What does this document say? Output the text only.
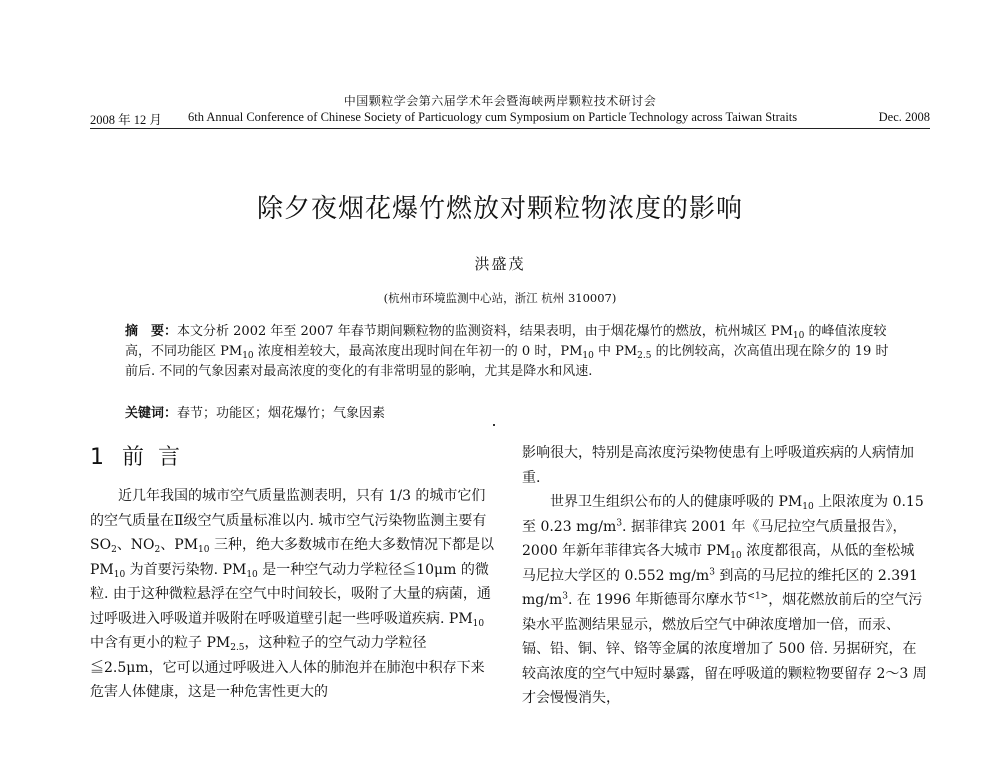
中国颗粒学会第六届学术年会暨海峡两岸颗粒技术研讨会
2008 年 12 月 6th Annual Conference of Chinese Society of Particuology cum Symposium on Particle Technology across Taiwan Straits	Dec. 2008
除夕夜烟花爆竹燃放对颗粒物浓度的影响
洪盛茂
(杭州市环境监测中心站，浙江 杭州 310007)
摘　要：本文分析 2002 年至 2007 年春节期间颗粒物的监测资料，结果表明，由于烟花爆竹的燃放，杭州城区 $PM_{10}$ 的峰值浓度较高，不同功能区 $PM_{10}$ 浓度相差较大，最高浓度出现时间在年初一的 0 时，$PM_{10}$ 中 $PM_{2.5}$ 的比例较高，次高值出现在除夕的 19 时前后. 不同的气象因素对最高浓度的变化的有非常明显的影响，尤其是降水和风速.
关键词：春节；功能区；烟花爆竹；气象因素
1 前言

近几年我国的城市空气质量监测表明，只有 1/3 的城市它们的空气质量在Ⅱ级空气质量标准以内. 城市空气污染物监测主要有 $SO_2$、$NO_2$、$PM_{10}$ 三种，绝大多数城市在绝大多数情况下都是以 $PM_{10}$ 为首要污染物. $PM_{10}$ 是一种空气动力学粒径≦10μm 的微粒. 由于这种微粒悬浮在空气中时间较长，吸附了大量的病菌，通过呼吸进入呼吸道并吸附在呼吸道壁引起一些呼吸道疾病. $PM_{10}$ 中含有更小的粒子 $PM_{2.5}$，这种粒子的空气动力学粒径≦2.5μm，它可以通过呼吸进入人体的肺泡并在肺泡中积存下来危害人体健康，这是一种危害性更大的

影响很大，特别是高浓度污染物使患有上呼吸道疾病的人病情加重.

世界卫生组织公布的人的健康呼吸的 $PM_{10}$ 上限浓度为 0.15 至 0.23 $mg/m^3$. 据菲律宾 2001 年《马尼拉空气质量报告》，2000 年新年菲律宾各大城市 $PM_{10}$ 浓度都很高，从低的奎松城马尼拉大学区的 0.552 $mg/m^3$ 到高的马尼拉的维托区的 2.391 $mg/m^3$. 在 1996 年斯德哥尔摩水节$^{<1>}$，烟花燃放前后的空气污染水平监测结果显示，燃放后空气中砷浓度增加一倍，而汞、镉、铅、铜、锌、铬等金属的浓度增加了 500 倍. 另据研究，在较高浓度的空气中短时暴露，留在呼吸道的颗粒物要留存 2～3 周才会慢慢消失，
